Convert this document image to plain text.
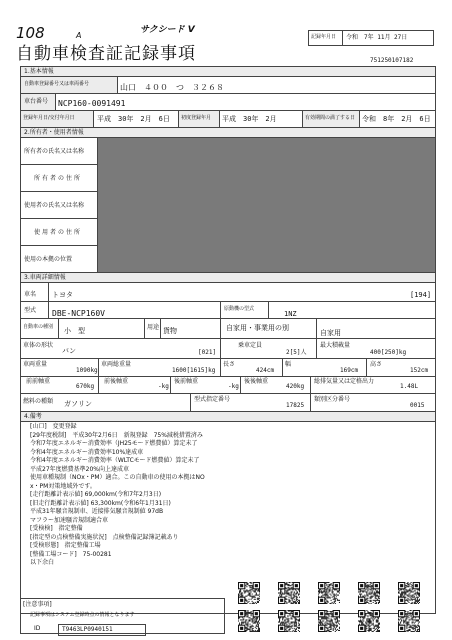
108	A
サクシード V
自動車検査証記録事項
記録年月日 令和　7年 11月 27日
751250107182
1.基本情報
自動車登録番号又は車両番号	山口　４００　つ　３２６８
車台番号 NCP160-0091491
登録年月日/交付年月日	平成　30年　2月　6日 初度登録年月 平成　30年　2月	有効期間の満了する日 令和　8年　2月　6日
2.所有者・使用者情報
所有者の氏名又は名称
所有者の住所
使用者の氏名又は名称
使用者の住所
使用の本拠の位置
3.車両詳細情報
車名 トヨタ	[194]
型式 DBE-NCP160V	原動機の型式
1NZ
自動車の種別 小　型	用途 貨物	自家用・事業用の別
自家用
車体の形状
バン	[021]
乗車定員
2[5]人
最大積載量
400[250]kg
車両重量
1090kg
車両総重量
1600[1615]kg
長さ
424cm
幅
169cm
高さ
152cm
前前軸重
670kg
前後軸重
-kg
後前軸重
-kg
後後軸重
420kg
総排気量又は定格出力
1.48L
燃料の種類 ガソリン
型式指定番号
17825
類別区分番号
0015
4.備考
[山口]　変更登録
[29年度税制]　平成30年2月6日　新規登録　75%減税措置済み
令和7年度エネルギー消費効率（JH25モード燃費値）算定未了
令和4年度エネルギー消費効率10%達成車
令和4年度エネルギー消費効率（WLTCモード燃費値）算定未了
平成27年度燃費基準20%向上達成車
使用車種規制（NOx・PM）適合。この自動車の使用の本拠はNO
x・PM対策地域外です。
[走行距離計表示値] 69,000km(令和7年2月3日)
[旧走行距離計表示値] 63,300km(令和6年1月31日)
平成31年騒音規制車、近接排気騒音規制値 97dB
マフラー加速騒音規制適合車
[受検検]　指定整備
[指定型の点検整備実施状況]　点検整備記録簿記載あり
[受検形態]　指定整備工場
[整備工場コード]　75-00281
以下余白
[注意事項]
記録事項はシステム登録時点の情報となります
ID	T9463LP0940151
